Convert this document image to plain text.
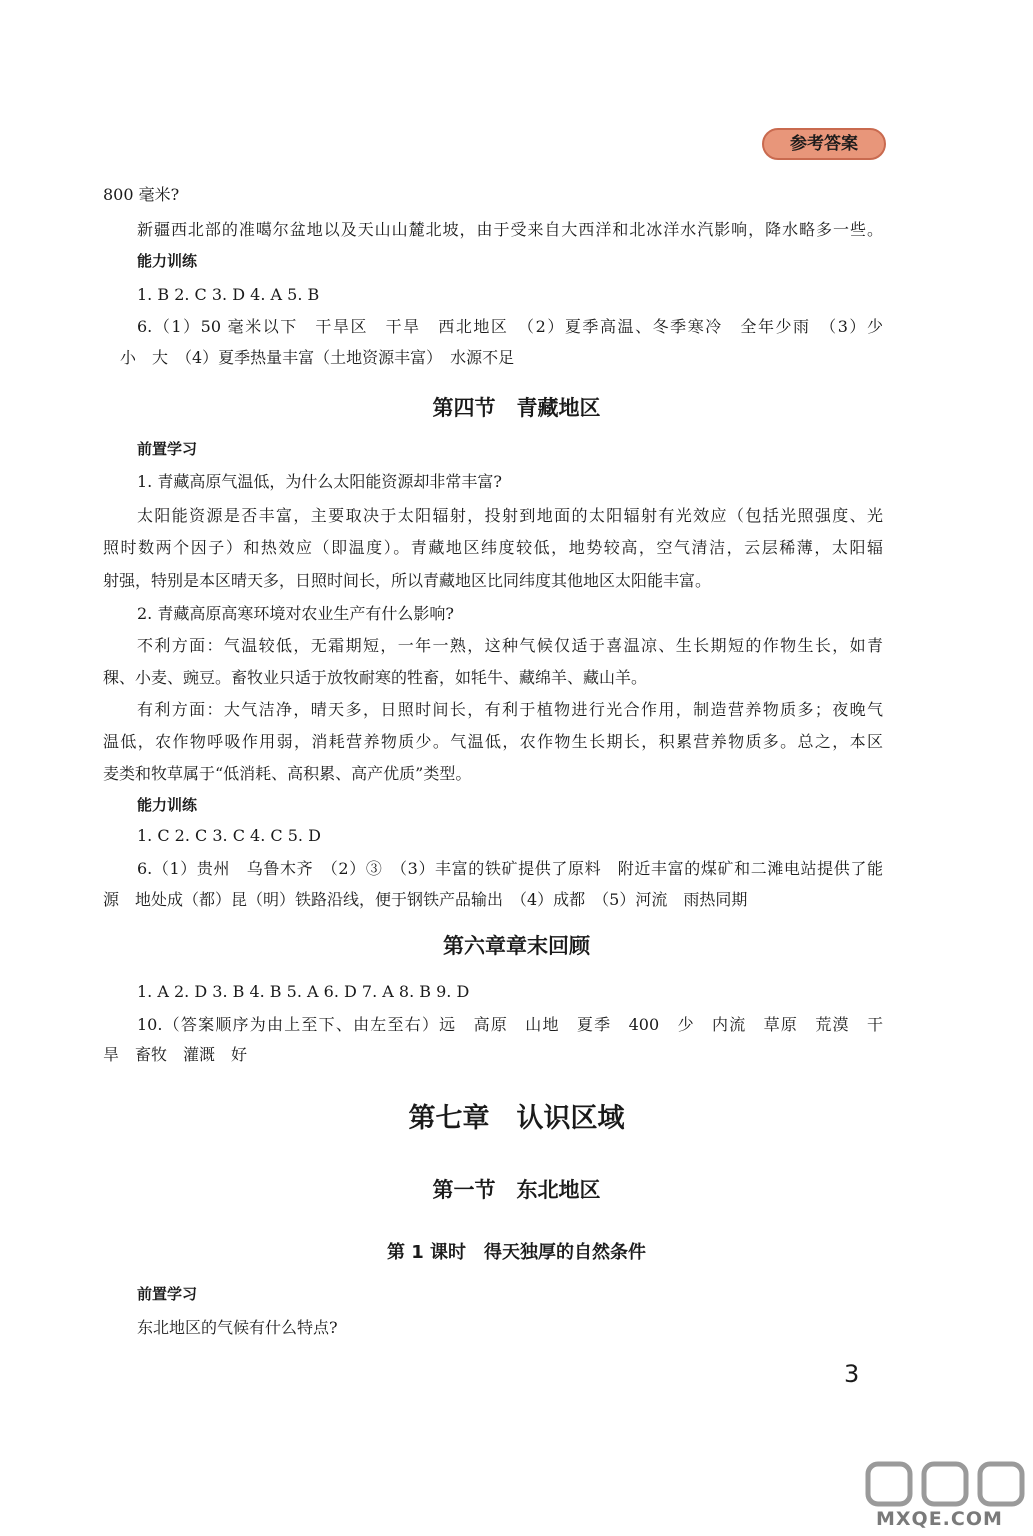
参考答案
800 毫米?
新疆西北部的准噶尔盆地以及天山山麓北坡，由于受来自大西洋和北冰洋水汽影响，降水略多一些。
能力训练
1. B 2. C 3. D 4. A 5. B
6.（1）50 毫米以下　干旱区　干旱　西北地区　（2）夏季高温、冬季寒冷　全年少雨　（3）少
小　大　（4）夏季热量丰富（土地资源丰富）　水源不足
第四节　青藏地区
前置学习
1. 青藏高原气温低，为什么太阳能资源却非常丰富?
太阳能资源是否丰富，主要取决于太阳辐射，投射到地面的太阳辐射有光效应（包括光照强度、光
照时数两个因子）和热效应（即温度）。青藏地区纬度较低，地势较高，空气清洁，云层稀薄，太阳辐
射强，特别是本区晴天多，日照时间长，所以青藏地区比同纬度其他地区太阳能丰富。
2. 青藏高原高寒环境对农业生产有什么影响?
不利方面：气温较低，无霜期短，一年一熟，这种气候仅适于喜温凉、生长期短的作物生长，如青
稞、小麦、豌豆。畜牧业只适于放牧耐寒的牲畜，如牦牛、藏绵羊、藏山羊。
有利方面：大气洁净，晴天多，日照时间长，有利于植物进行光合作用，制造营养物质多；夜晚气
温低，农作物呼吸作用弱，消耗营养物质少。气温低，农作物生长期长，积累营养物质多。总之，本区
麦类和牧草属于“低消耗、高积累、高产优质”类型。
能力训练
1. C 2. C 3. C 4. C 5. D
6.（1）贵州　乌鲁木齐　（2）③　（3）丰富的铁矿提供了原料　附近丰富的煤矿和二滩电站提供了能
源　地处成（都）昆（明）铁路沿线，便于钢铁产品输出　（4）成都　（5）河流　雨热同期
第六章章末回顾
1. A 2. D 3. B 4. B 5. A 6. D 7. A 8. B 9. D
10.（答案顺序为由上至下、由左至右）远　高原　山地　夏季　400　少　内流　草原　荒漠　干
旱　畜牧　灌溉　好
第七章　认识区域
第一节　东北地区
第 1 课时　得天独厚的自然条件
前置学习
东北地区的气候有什么特点?
3
MXQE.COM
